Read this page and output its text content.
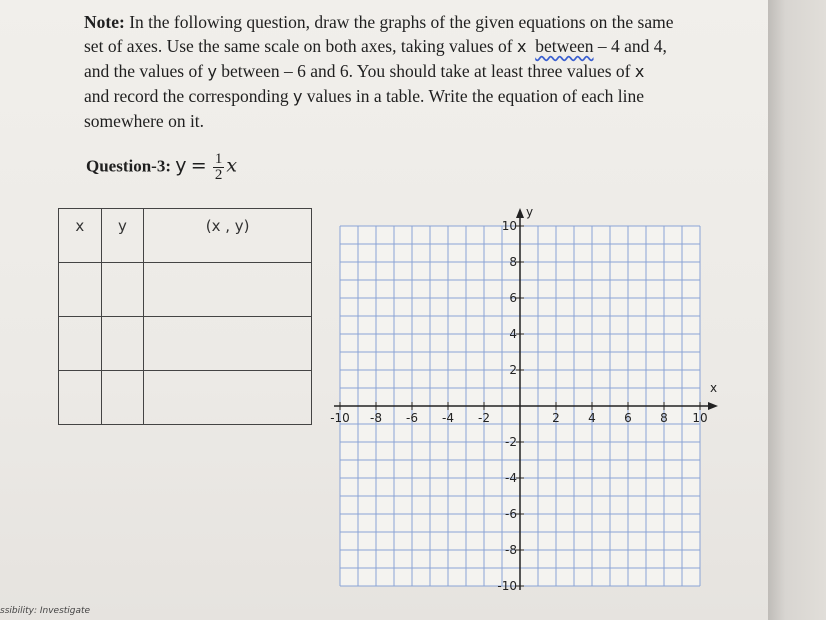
Note: In the following question, draw the graphs of the given equations on the same
set of axes. Use the same scale on both axes, taking values of x between – 4 and 4,
and the values of y between – 6 and 6. You should take at least three values of x
and record the corresponding y values in a table. Write the equation of each line
somewhere on it.
Question-3: $y = \frac{1}{2}$ x
x	y	(x , y)

x
y
-10 -8 -6 -4 -2	2 4 6 8 10
10
8
6
4
2
-2
-4
-6
-8
-10
ssibility: Investigate
